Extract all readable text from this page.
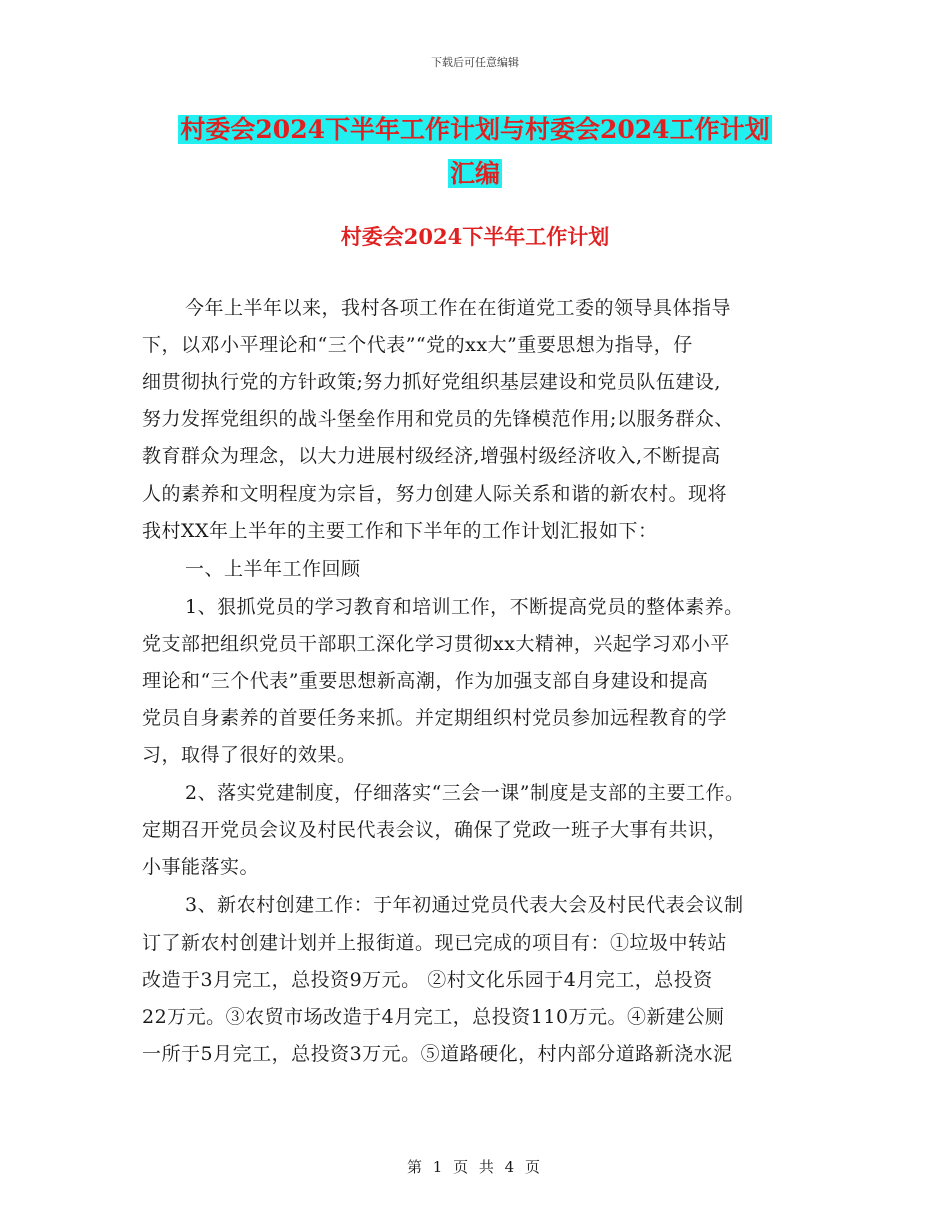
下载后可任意编辑
村委会2024下半年工作计划与村委会2024工作计划
汇编
村委会2024下半年工作计划
今年上半年以来，我村各项工作在在街道党工委的领导具体指导
下，以邓小平理论和“三个代表”“党的xx大”重要思想为指导，仔
细贯彻执行党的方针政策;努力抓好党组织基层建设和党员队伍建设,
努力发挥党组织的战斗堡垒作用和党员的先锋模范作用;以服务群众、
教育群众为理念，以大力进展村级经济,增强村级经济收入,不断提高
人的素养和文明程度为宗旨，努力创建人际关系和谐的新农村。现将
我村XX年上半年的主要工作和下半年的工作计划汇报如下：
一、上半年工作回顾
1、狠抓党员的学习教育和培训工作，不断提高党员的整体素养。
党支部把组织党员干部职工深化学习贯彻xx大精神，兴起学习邓小平
理论和“三个代表”重要思想新高潮，作为加强支部自身建设和提高
党员自身素养的首要任务来抓。并定期组织村党员参加远程教育的学
习，取得了很好的效果。
2、落实党建制度，仔细落实“三会一课”制度是支部的主要工作。
定期召开党员会议及村民代表会议，确保了党政一班子大事有共识，
小事能落实。
3、新农村创建工作：于年初通过党员代表大会及村民代表会议制
订了新农村创建计划并上报街道。现已完成的项目有：①垃圾中转站
改造于3月完工，总投资9万元。 ②村文化乐园于4月完工，总投资
22万元。③农贸市场改造于4月完工，总投资110万元。④新建公厕
一所于5月完工，总投资3万元。⑤道路硬化，村内部分道路新浇水泥
第 1 页 共 4 页
